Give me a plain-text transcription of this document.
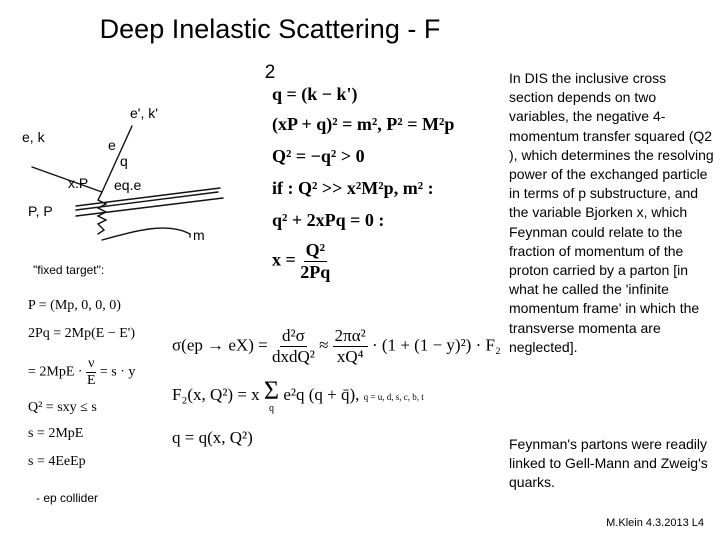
Deep Inelastic Scattering - F
$_2$
e, k
e', k'
e
q
x.P eq.e
P, P
m
q = (k − k')
(xP + q)² = m², P² = M²p
Q² = −q² > 0
if : Q² >> x²M²p, m² :
q² + 2xPq = 0 :
$x = \frac{\text{Q²}}{2Pq}$
"fixed target":
P = (Mp, 0, 0, 0)
2Pq = 2Mp(E − E')
= $2MpE \cdot \frac{\nu}{E} = s \cdot y$
Q² = sxy ≤ s
s = 2MpE
s = 4EeEp
- ep collider
$\sigma(ep \to eX) = \frac{\text{d²σ}}{\text{dxdQ²}} \approx \frac{\text{2πα²}}{\text{xQ⁴}} \cdot (1 + (1 - y)^2) \cdot F_2$
F₂(x, Q²) = x Σ
q
e²q (q + q̄), q = u, d, s, c, b, t
q = q(x, Q²)
In DIS the inclusive cross section depends on two variables, the negative 4-momentum transfer squared (Q2 ), which determines the resolving power of the exchanged particle in terms of p substructure, and the variable Bjorken x, which Feynman could relate to the fraction of momentum of the proton carried by a parton [in what he called the 'infinite momentum frame' in which the transverse momenta are neglected].
Feynman's partons were readily linked to Gell-Mann and Zweig's quarks.
M.Klein 4.3.2013 L4
